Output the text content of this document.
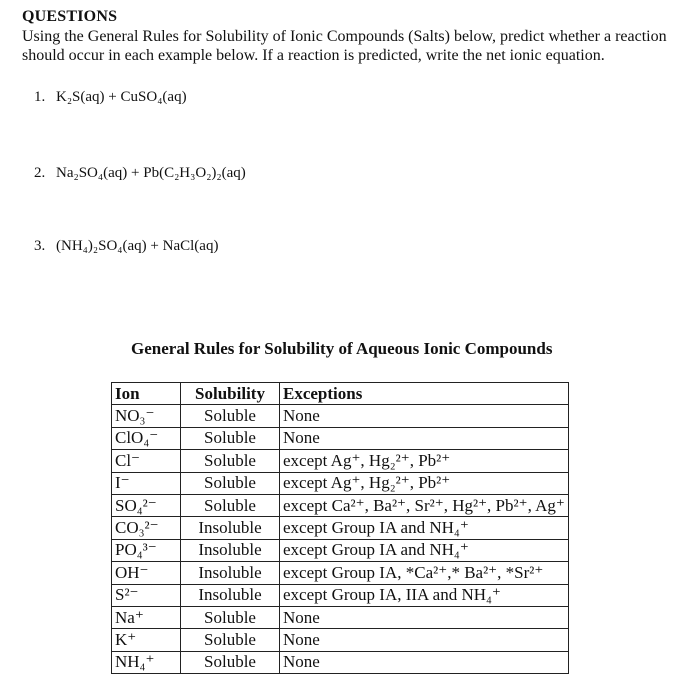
QUESTIONS
Using the General Rules for Solubility of Ionic Compounds (Salts) below, predict whether a reaction should occur in each example below. If a reaction is predicted, write the net ionic equation.
1. K₂S(aq) + CuSO₄(aq)
2. Na₂SO₄(aq) + Pb(C₂H₃O₂)₂(aq)
3. (NH₄)₂SO₄(aq) + NaCl(aq)
General Rules for Solubility of Aqueous Ionic Compounds
Ion	Solubility	Exceptions
NO₃⁻	Soluble	None
ClO₄⁻	Soluble	None
Cl⁻	Soluble	except Ag⁺, Hg₂²⁺, Pb²⁺
I⁻	Soluble	except Ag⁺, Hg₂²⁺, Pb²⁺
SO₄²⁻	Soluble	except Ca²⁺, Ba²⁺, Sr²⁺, Hg²⁺, Pb²⁺, Ag⁺
CO₃²⁻	Insoluble	except Group IA and NH₄⁺
PO₄³⁻	Insoluble	except Group IA and NH₄⁺
OH⁻	Insoluble	except Group IA, *Ca²⁺,* Ba²⁺, *Sr²⁺
S²⁻	Insoluble	except Group IA, IIA and NH₄⁺
Na⁺	Soluble	None
K⁺	Soluble	None
NH₄⁺	Soluble	None
